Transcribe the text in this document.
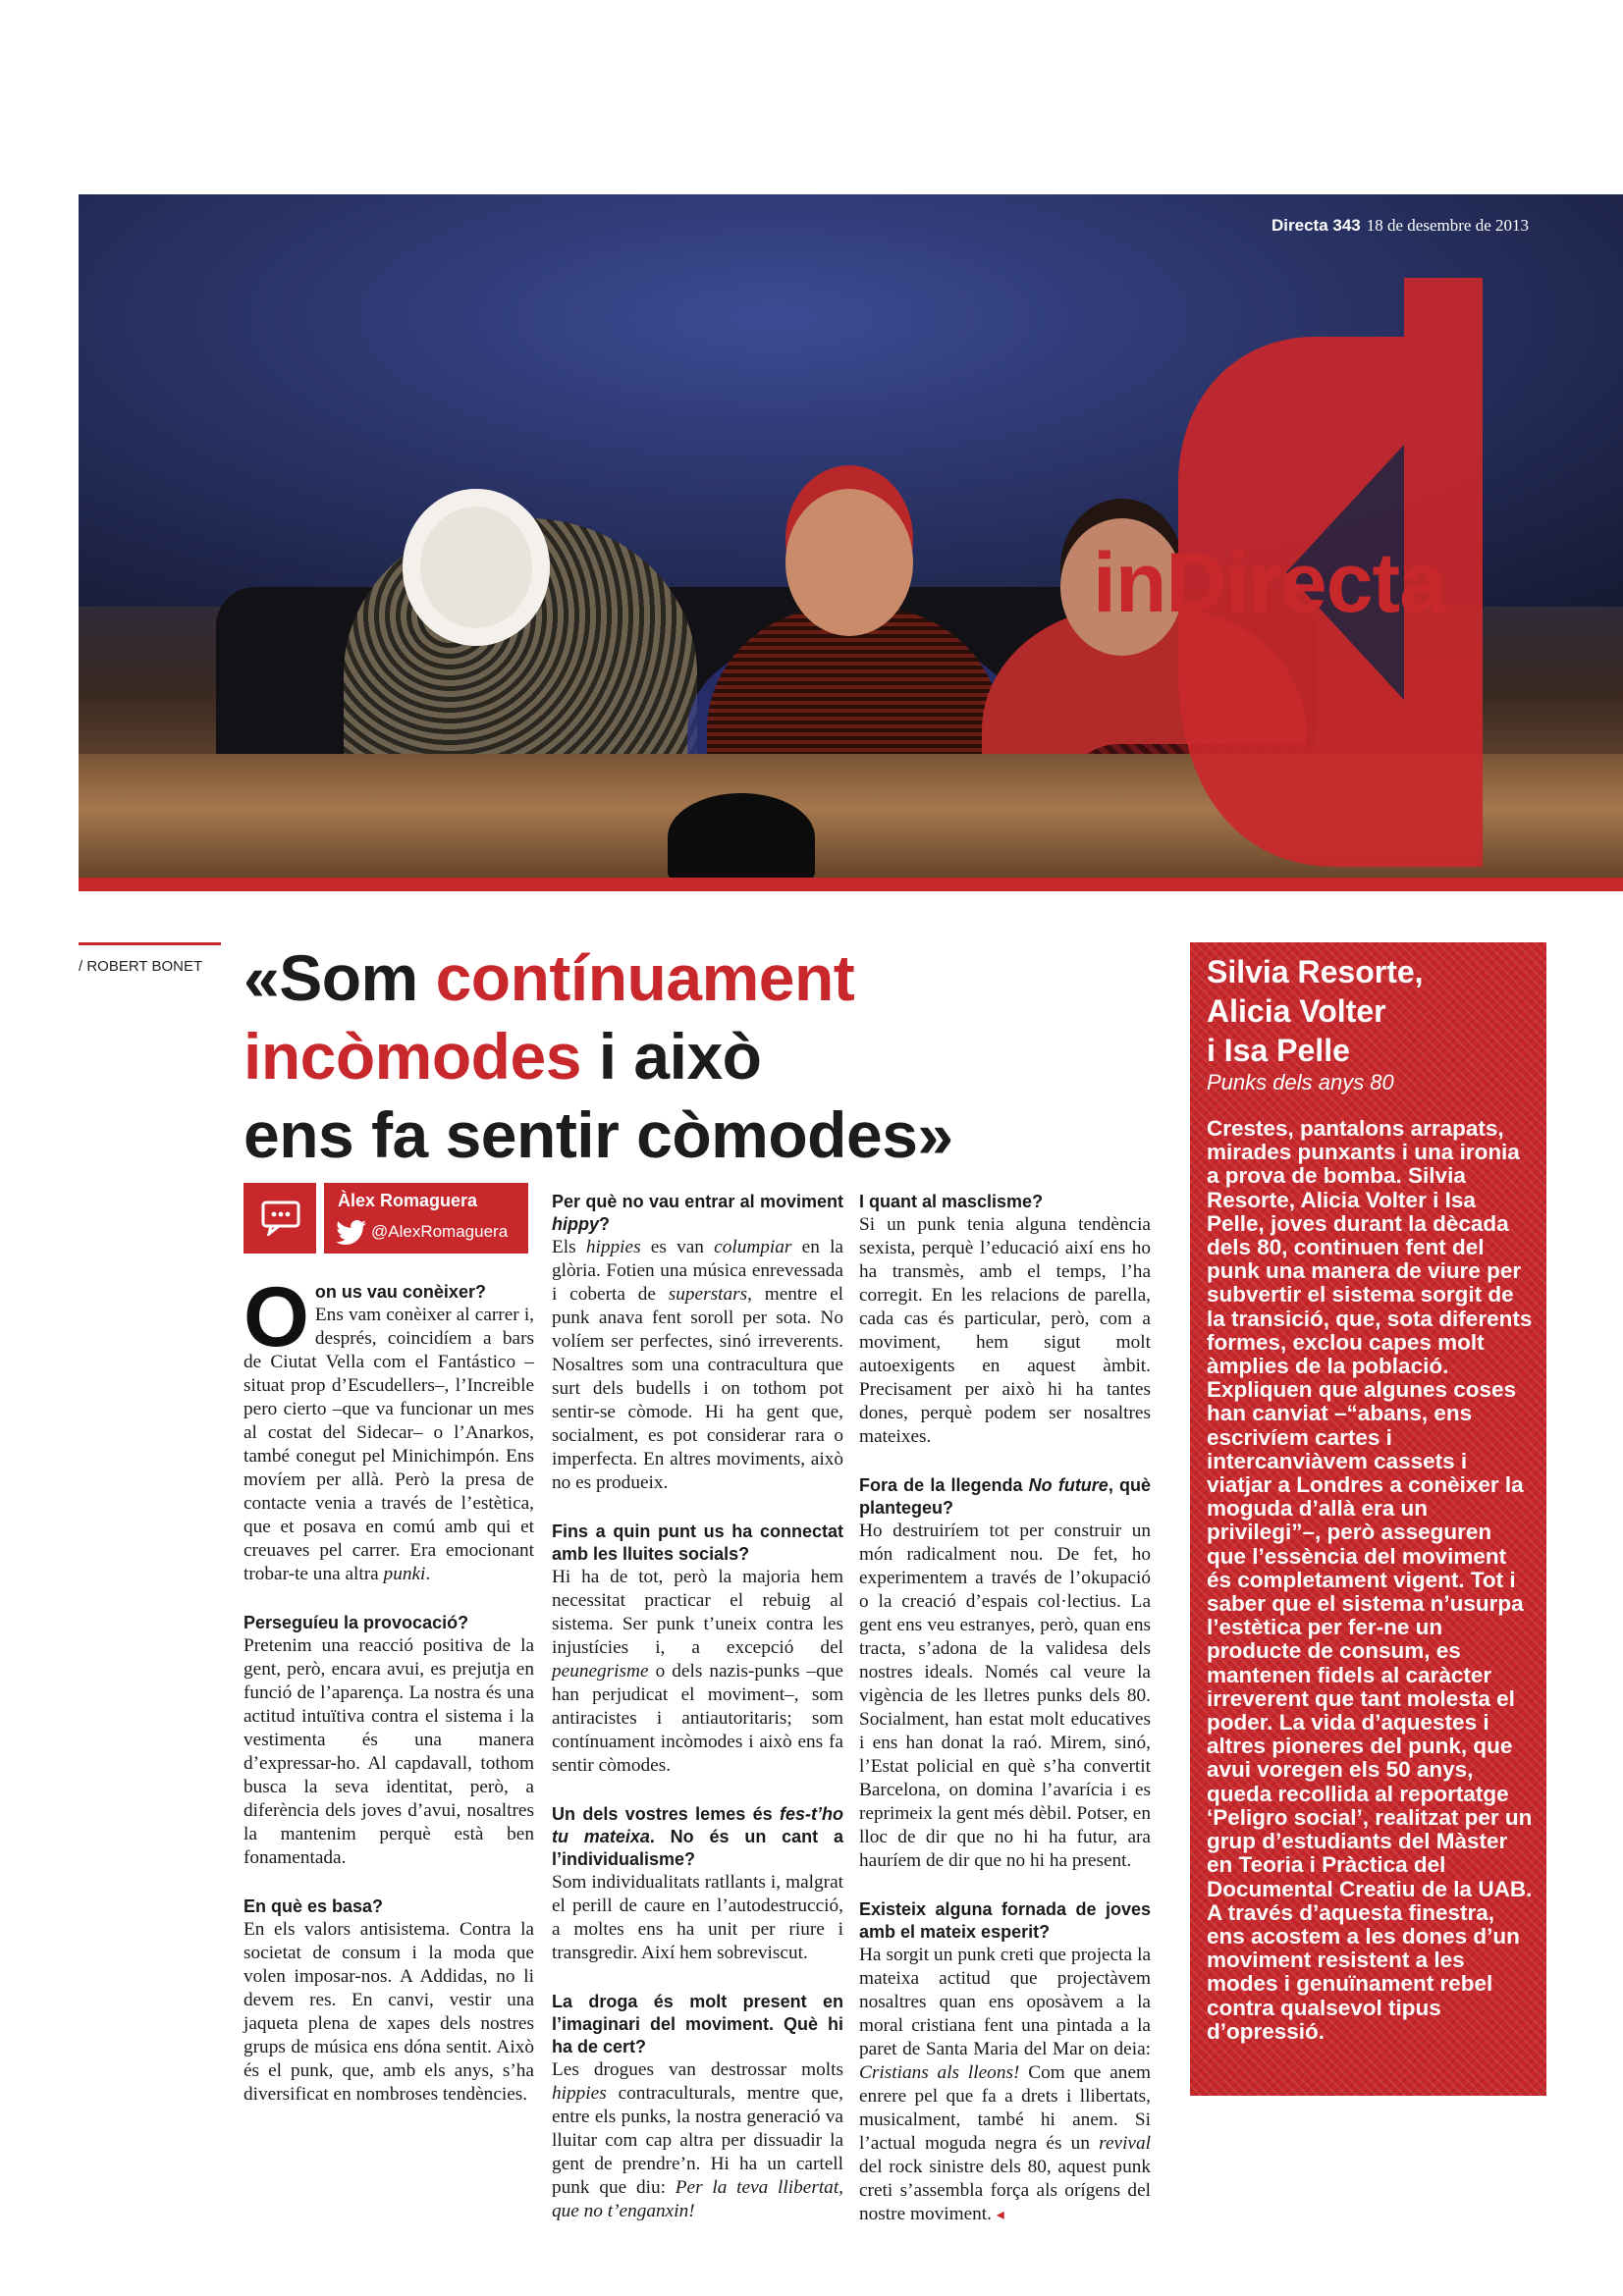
Directa 343 18 de desembre de 2013
inDirecta
/ ROBERT BONET «Som contínuament
incòmodes i això
ens fa sentir còmodes»
Àlex Romaguera
@AlexRomaguera
O on us vau conèixer?

Ens vam conèixer al carrer i, després, coincidíem a bars de Ciutat Vella com el Fantástico –situat prop d’Escudellers–, l’Increible pero cierto –que va funcionar un mes al costat del Sidecar– o l’Anarkos, també conegut pel Minichimpón. Ens movíem per allà. Però la presa de contacte venia a través de l’estètica, que et posava en comú amb qui et creuaves pel carrer. Era emocionant trobar-te una altra punki.

Perseguíeu la provocació?

Pretenim una reacció positiva de la gent, però, encara avui, es prejutja en funció de l’aparença. La nostra és una actitud intuïtiva contra el sistema i la vestimenta és una manera d’expressar-ho. Al capdavall, tothom busca la seva identitat, però, a diferència dels joves d’avui, nosaltres la mantenim perquè està ben fonamentada.

En què es basa?

En els valors antisistema. Contra la societat de consum i la moda que volen imposar-nos. A Addidas, no li devem res. En canvi, vestir una jaqueta plena de xapes dels nostres grups de música ens dóna sentit. Això és el punk, que, amb els anys, s’ha diversificat en nombroses tendències.

Per què no vau entrar al moviment hippy?

Els hippies es van columpiar en la glòria. Fotien una música enrevessada i coberta de superstars, mentre el punk anava fent soroll per sota. No volíem ser perfectes, sinó irreverents. Nosaltres som una contracultura que surt dels budells i on tothom pot sentir-se còmode. Hi ha gent que, socialment, es pot considerar rara o imperfecta. En altres moviments, això no es produeix.

Fins a quin punt us ha connectat amb les lluites socials?

Hi ha de tot, però la majoria hem necessitat practicar el rebuig al sistema. Ser punk t’uneix contra les injustícies i, a excepció del peunegrisme o dels nazis-punks –que han perjudicat el moviment–, som antiracistes i antiautoritaris; som contínuament incòmodes i això ens fa sentir còmodes.

Un dels vostres lemes és fes-t’ho tu mateixa. No és un cant a l’individualisme?

Som individualitats ratllants i, malgrat el perill de caure en l’autodestrucció, a moltes ens ha unit per riure i transgredir. Així hem sobreviscut.

La droga és molt present en l’imaginari del moviment. Què hi ha de cert?

Les drogues van destrossar molts hippies contraculturals, mentre que, entre els punks, la nostra generació va lluitar com cap altra per dissuadir la gent de prendre’n. Hi ha un cartell punk que diu: Per la teva llibertat, que no t’enganxin!

I quant al masclisme?

Si un punk tenia alguna tendència sexista, perquè l’educació així ens ho ha transmès, amb el temps, l’ha corregit. En les relacions de parella, cada cas és particular, però, com a moviment, hem sigut molt autoexigents en aquest àmbit. Precisament per això hi ha tantes dones, perquè podem ser nosaltres mateixes.

Fora de la llegenda No future, què plantegeu?

Ho destruiríem tot per construir un món radicalment nou. De fet, ho experimentem a través de l’okupació o la creació d’espais col·lectius. La gent ens veu estranyes, però, quan ens tracta, s’adona de la validesa dels nostres ideals. Només cal veure la vigència de les lletres punks dels 80. Socialment, han estat molt educatives i ens han donat la raó. Mirem, sinó, l’Estat policial en què s’ha convertit Barcelona, on domina l’avarícia i es reprimeix la gent més dèbil. Potser, en lloc de dir que no hi ha futur, ara hauríem de dir que no hi ha present.

Existeix alguna fornada de joves amb el mateix esperit?

Ha sorgit un punk creti que projecta la mateixa actitud que projectàvem nosaltres quan ens oposàvem a la moral cristiana fent una pintada a la paret de Santa Maria del Mar on deia: Cristians als lleons! Com que anem enrere pel que fa a drets i llibertats, musicalment, també hi anem. Si l’actual moguda negra és un revival del rock sinistre dels 80, aquest punk creti s’assembla força als orígens del nostre moviment. ◂

Silvia Resorte,
Alicia Volter
i Isa Pelle
Punks dels anys 80
Crestes, pantalons arrapats, mirades punxants i una ironia a prova de bomba. Silvia Resorte, Alicia Volter i Isa Pelle, joves durant la dècada dels 80, continuen fent del punk una manera de viure per subvertir el sistema sorgit de la transició, que, sota diferents formes, exclou capes molt àmplies de la població. Expliquen que algunes coses han canviat –“abans, ens escrivíem cartes i intercanviàvem cassets i viatjar a Londres a conèixer la moguda d’allà era un privilegi”–, però asseguren que l’essència del moviment és completament vigent. Tot i saber que el sistema n’usurpa l’estètica per fer-ne un producte de consum, es mantenen fidels al caràcter irreverent que tant molesta el poder. La vida d’aquestes i altres pioneres del punk, que avui voregen els 50 anys, queda recollida al reportatge ‘Peligro social’, realitzat per un grup d’estudiants del Màster en Teoria i Pràctica del Documental Creatiu de la UAB. A través d’aquesta finestra, ens acostem a les dones d’un moviment resistent a les modes i genuïnament rebel contra qualsevol tipus d’opressió.
